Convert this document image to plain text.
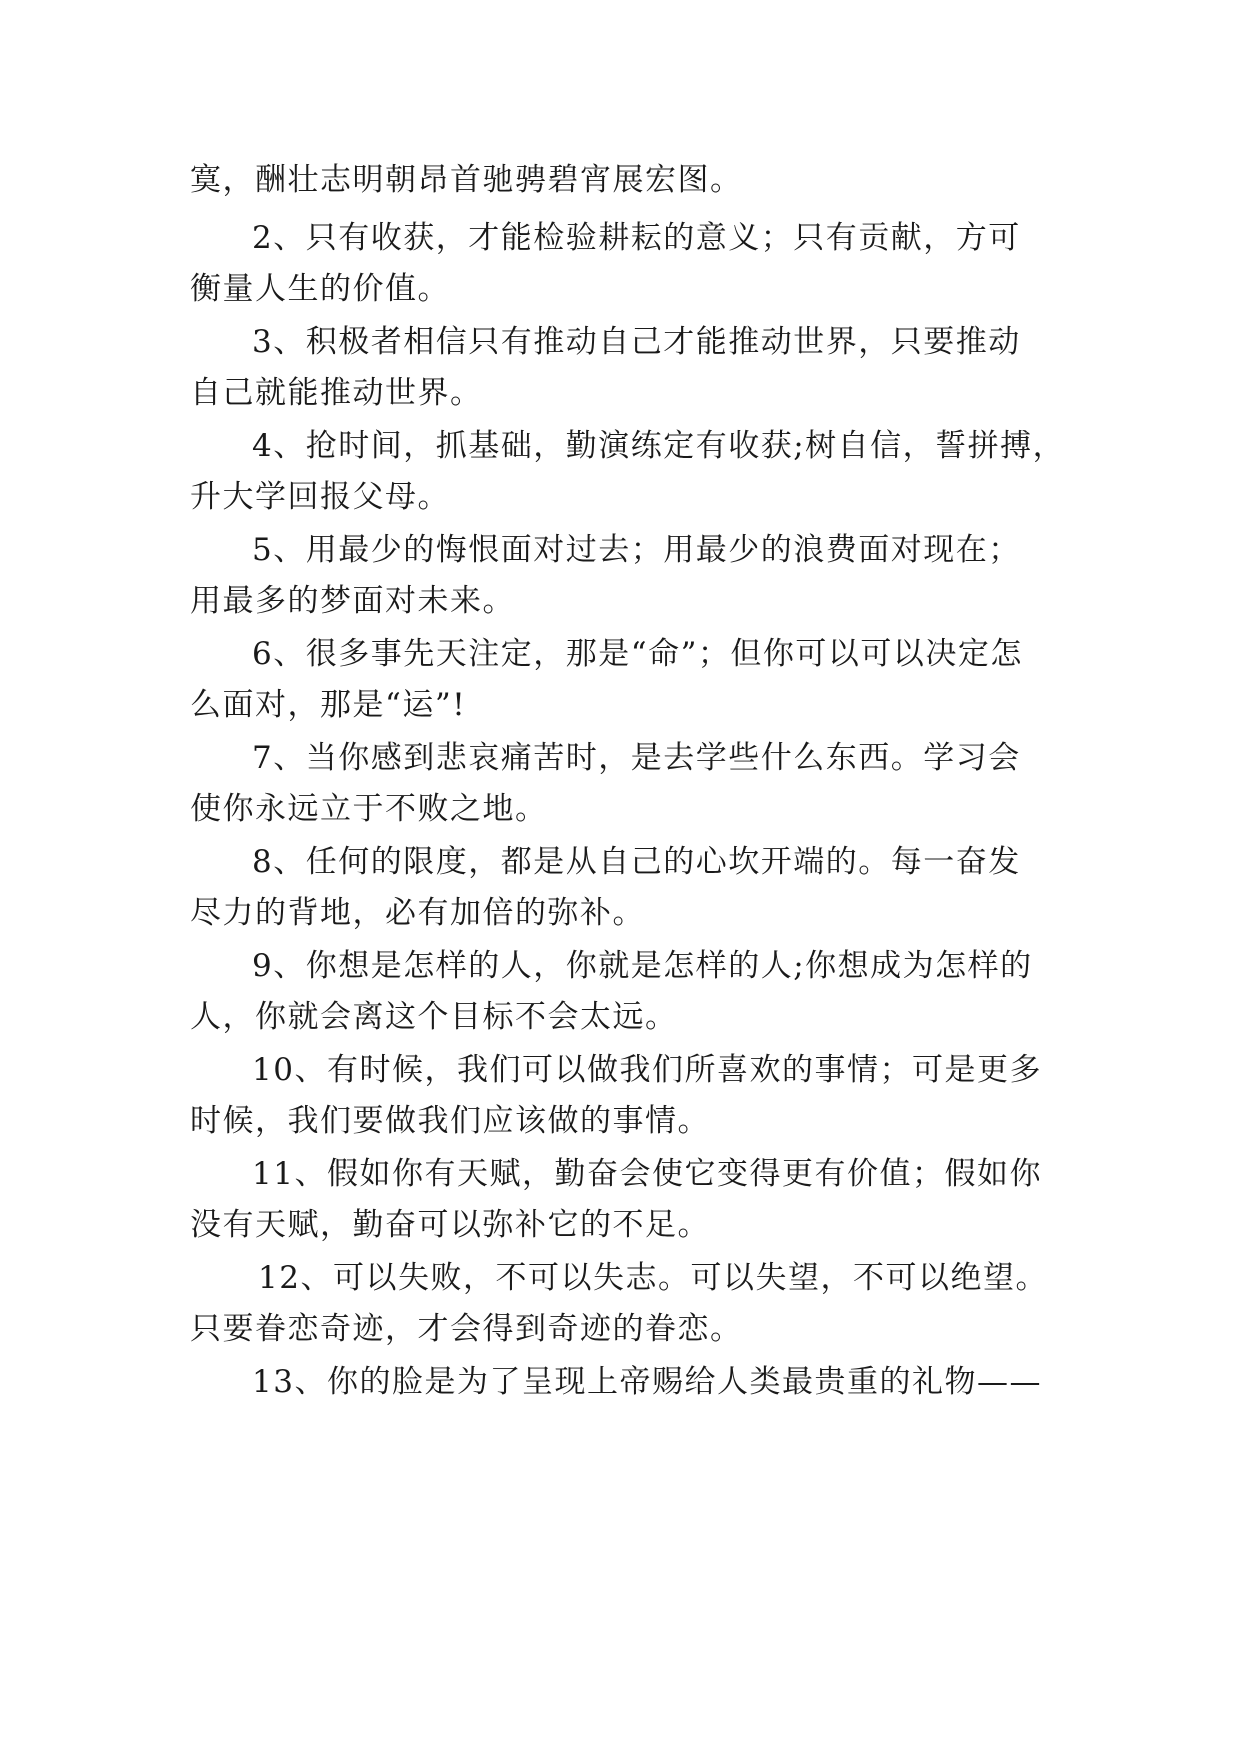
寞，酬壮志明朝昂首驰骋碧宵展宏图。
2、只有收获，才能检验耕耘的意义；只有贡献，方可
衡量人生的价值。
3、积极者相信只有推动自己才能推动世界，只要推动
自己就能推动世界。
4、抢时间，抓基础，勤演练定有收获;树自信，誓拼搏，
升大学回报父母。
5、用最少的悔恨面对过去；用最少的浪费面对现在；
用最多的梦面对未来。
6、很多事先天注定，那是“命”；但你可以可以决定怎
么面对，那是“运”!
7、当你感到悲哀痛苦时，是去学些什么东西。学习会
使你永远立于不败之地。
8、任何的限度，都是从自己的心坎开端的。每一奋发
尽力的背地，必有加倍的弥补。
9、你想是怎样的人，你就是怎样的人;你想成为怎样的
人，你就会离这个目标不会太远。
10、有时候，我们可以做我们所喜欢的事情；可是更多
时候，我们要做我们应该做的事情。
11、假如你有天赋，勤奋会使它变得更有价值；假如你
没有天赋，勤奋可以弥补它的不足。
12、可以失败，不可以失志。可以失望，不可以绝望。
只要眷恋奇迹，才会得到奇迹的眷恋。
13、你的脸是为了呈现上帝赐给人类最贵重的礼物——
